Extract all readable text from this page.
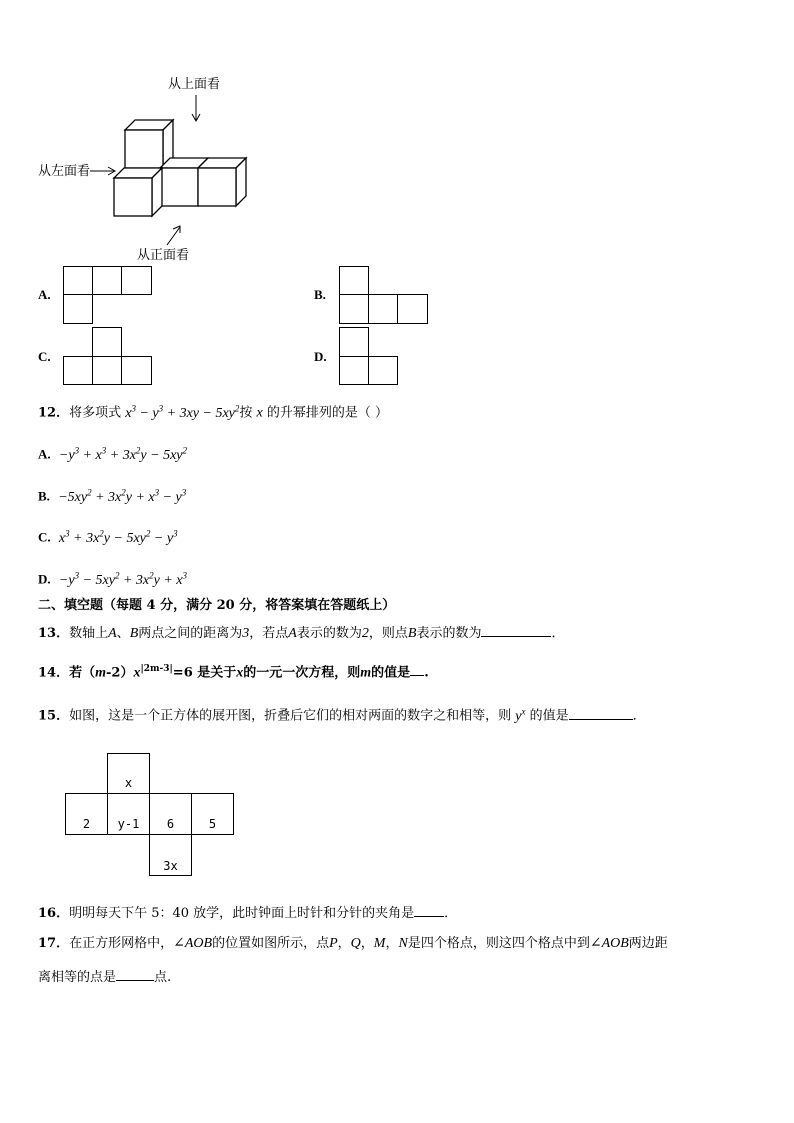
从上面看
从左面看
从正面看
A.	B.
C.	D.
12．将多项式 $x^3 - y^3 + 3xy - 5xy^2$按 x 的升幂排列的是（ ）
A. $-y^3 + x^3 + 3x^2y - 5xy^2$
B. $-5xy^2 + 3x^2y + x^3 - y^3$
C. $x^3 + 3x^2y - 5xy^2 - y^3$
D. $-y^3 - 5xy^2 + 3x^2y + x^3$
二、填空题（每题 4 分，满分 20 分，将答案填在答题纸上）
13．数轴上A、B两点之间的距离为3，若点A表示的数为2，则点B表示的数为	．
14．若$(m-2)x^{|2m-3|}=6$ 是关于x的一元一次方程，则m的值是 .
15．如图，这是一个正方体的展开图，折叠后它们的相对两面的数字之和相等，则 $y^x$ 的值是	．
x
2	y-1	6	5
3x
16．明明每天下午 5：40 放学，此时钟面上时针和分针的夹角是 ．
17．在正方形网格中，∠AOB的位置如图所示，点P，Q，M，N是四个格点，则这四个格点中到∠AOB两边距
离相等的点是	点.
